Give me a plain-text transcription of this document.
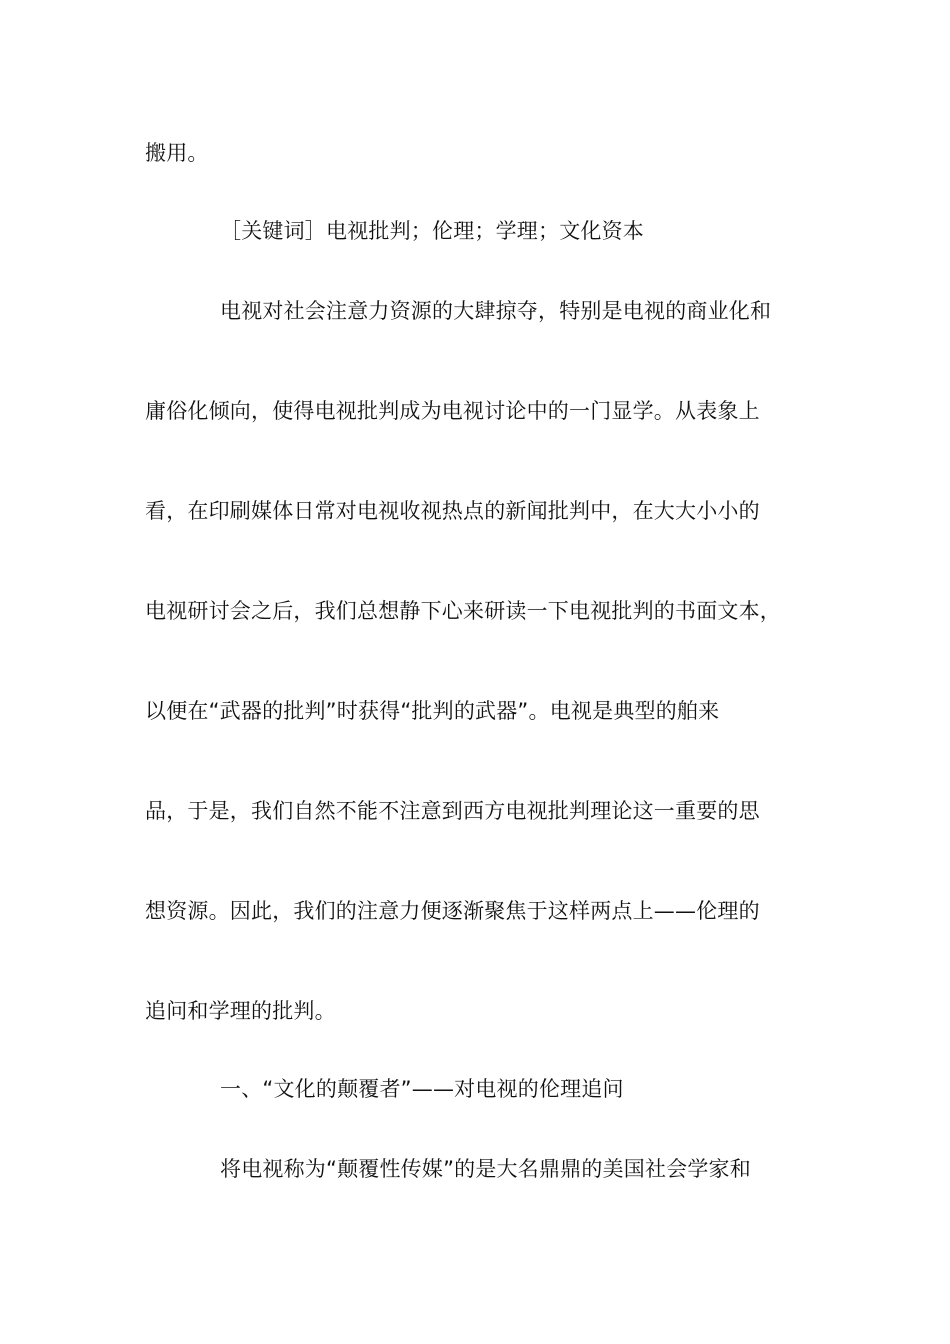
搬用。
［关键词］电视批判；伦理；学理；文化资本
电视对社会注意力资源的大肆掠夺，特别是电视的商业化和
庸俗化倾向，使得电视批判成为电视讨论中的一门显学。从表象上
看，在印刷媒体日常对电视收视热点的新闻批判中，在大大小小的
电视研讨会之后，我们总想静下心来研读一下电视批判的书面文本，
以便在“武器的批判”时获得“批判的武器”。电视是典型的舶来
品，于是，我们自然不能不注意到西方电视批判理论这一重要的思
想资源。因此，我们的注意力便逐渐聚焦于这样两点上——伦理的
追问和学理的批判。
一、“文化的颠覆者”——对电视的伦理追问
将电视称为“颠覆性传媒”的是大名鼎鼎的美国社会学家和
